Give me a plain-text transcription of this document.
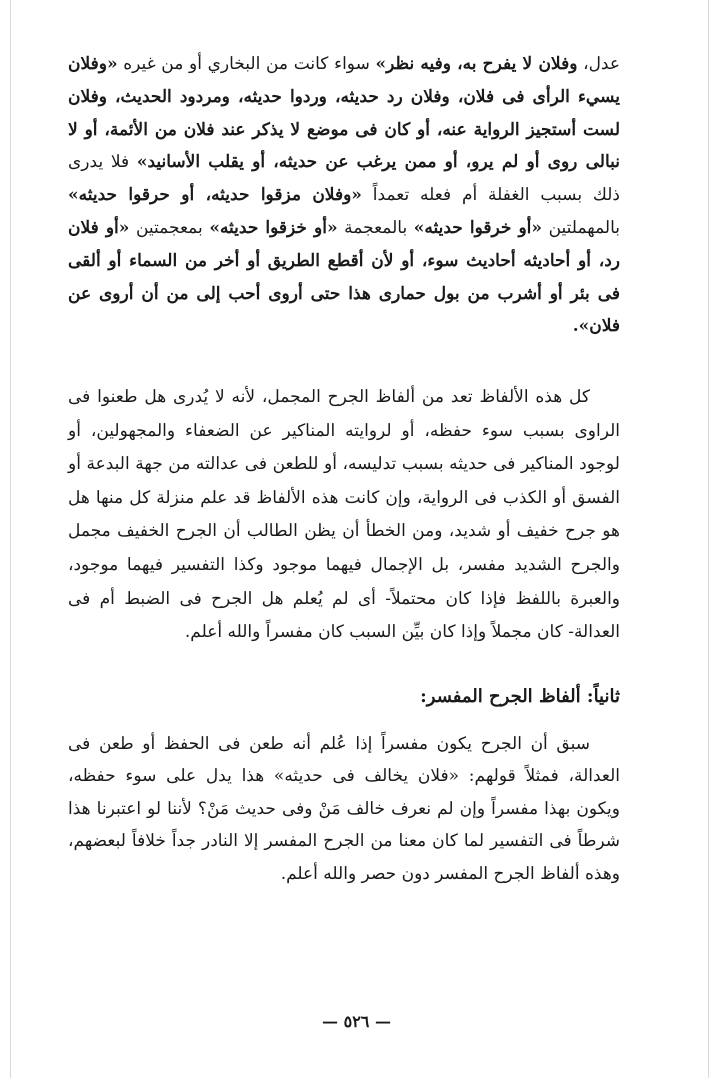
عدل، وفلان لا يفرح به، وفيه نظر» سواء كانت من البخاري أو من غيره «وفلان يسيء الرأى فى فلان، وفلان رد حديثه، وردوا حديثه، ومردود الحديث، وفلان لست أستجيز الرواية عنه، أو كان فى موضع لا يذكر عند فلان من الأئمة، أو لا نبالى روى أو لم يرو، أو ممن يرغب عن حديثه، أو يقلب الأسانيد» فلا يدرى ذلك بسبب الغفلة أم فعله تعمداً «وفلان مزقوا حديثه، أو حرقوا حديثه» بالمهملتين «أو خرقوا حديثه» بالمعجمة «أو خزقوا حديثه» بمعجمتين «أو فلان رد، أو أحاديثه أحاديث سوء، أو لأن أقطع الطريق أو أخر من السماء أو ألقى فى بئر أو أشرب من بول حمارى هذا حتى أروى أحب إلى من أن أروى عن فلان».

كل هذه الألفاظ تعد من ألفاظ الجرح المجمل، لأنه لا يُدرى هل طعنوا فى الراوى بسبب سوء حفظه، أو لروايته المناكير عن الضعفاء والمجهولين، أو لوجود المناكير فى حديثه بسبب تدليسه، أو للطعن فى عدالته من جهة البدعة أو الفسق أو الكذب فى الرواية، وإن كانت هذه الألفاظ قد علم منزلة كل منها هل هو جرح خفيف أو شديد، ومن الخطأ أن يظن الطالب أن الجرح الخفيف مجمل والجرح الشديد مفسر، بل الإجمال فيهما موجود وكذا التفسير فيهما موجود، والعبرة باللفظ فإذا كان محتملاً- أى لم يُعلم هل الجرح فى الضبط أم فى العدالة- كان مجملاً وإذا كان بيِّن السبب كان مفسراً والله أعلم.

ثانياً: ألفاظ الجرح المفسر:

سبق أن الجرح يكون مفسراً إذا عُلم أنه طعن فى الحفظ أو طعن فى العدالة، فمثلاً قولهم: «فلان يخالف فى حديثه» هذا يدل على سوء حفظه، ويكون بهذا مفسراً وإن لم نعرف خالف مَنْ وفى حديث مَنْ؟ لأننا لو اعتبرنا هذا شرطاً فى التفسير لما كان معنا من الجرح المفسر إلا النادر جداً خلافاً لبعضهم، وهذه ألفاظ الجرح المفسر دون حصر والله أعلم.

— ٥٢٦ —
